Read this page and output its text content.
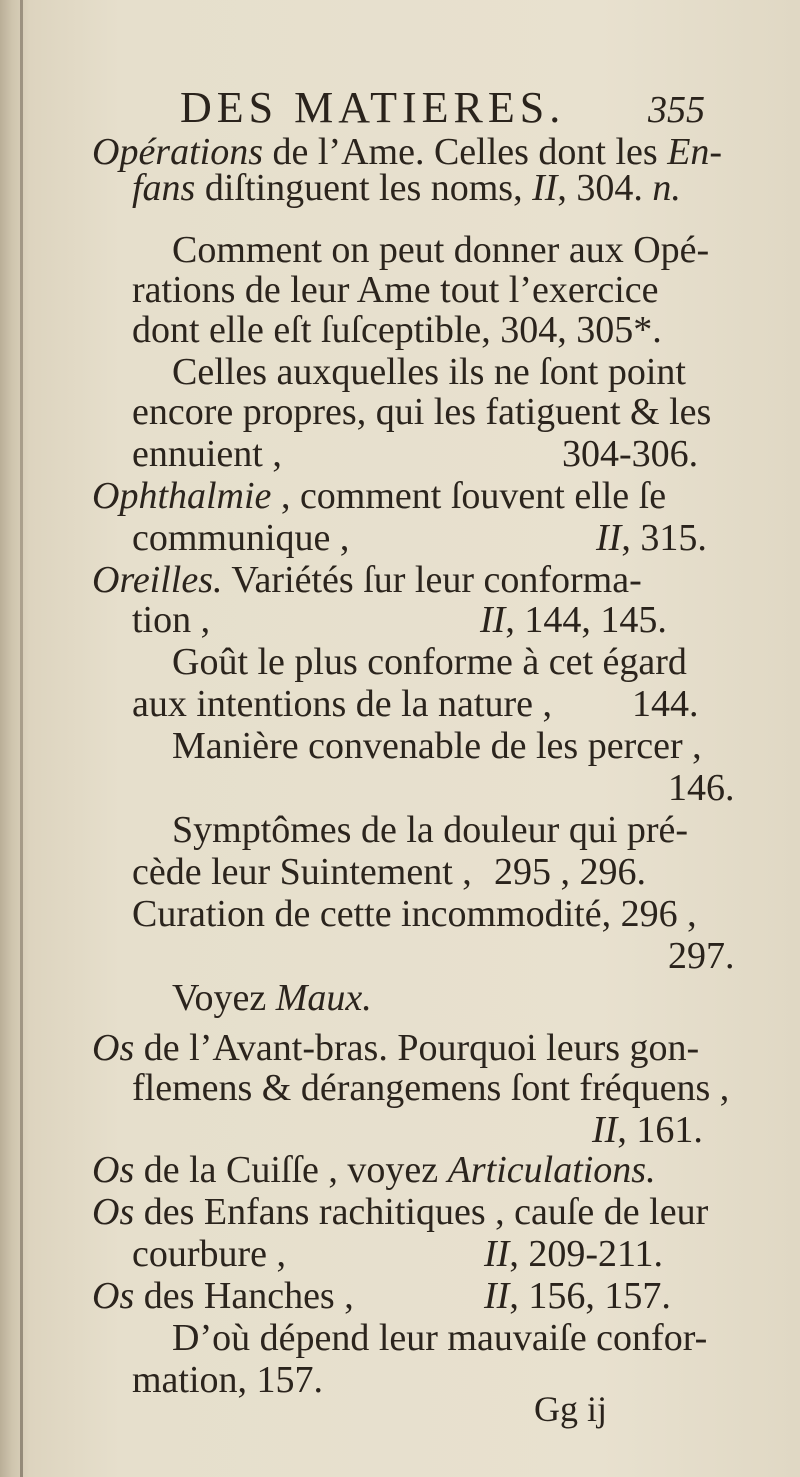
DES MATIERES.	355
Opérations de l’Ame. Celles dont les En-
fans diſtinguent les noms, II, 304. n.
Comment on peut donner aux Opé-
rations de leur Ame tout l’exercice
dont elle eſt ſuſceptible, 304, 305*.
Celles auxquelles ils ne ſont point
encore propres, qui les fatiguent & les
ennuient ,	304-306.
Ophthalmie , comment ſouvent elle ſe
communique ,	II, 315.
Oreilles. Variétés ſur leur conforma-
tion ,	II, 144, 145.
Goût le plus conforme à cet égard
aux intentions de la nature , 144.
Manière convenable de les percer ,
146.
Symptômes de la douleur qui pré-
cède leur Suintement , 295 , 296.
Curation de cette incommodité, 296 ,
297.
Voyez Maux.
Os de l’Avant-bras. Pourquoi leurs gon-
flemens & dérangemens ſont fréquens ,
II, 161.
Os de la Cuiſſe , voyez Articulations.
Os des Enfans rachitiques , cauſe de leur
courbure ,	II, 209-211.
Os des Hanches ,	II, 156, 157.
D’où dépend leur mauvaiſe confor-
mation, 157.
Gg ij
